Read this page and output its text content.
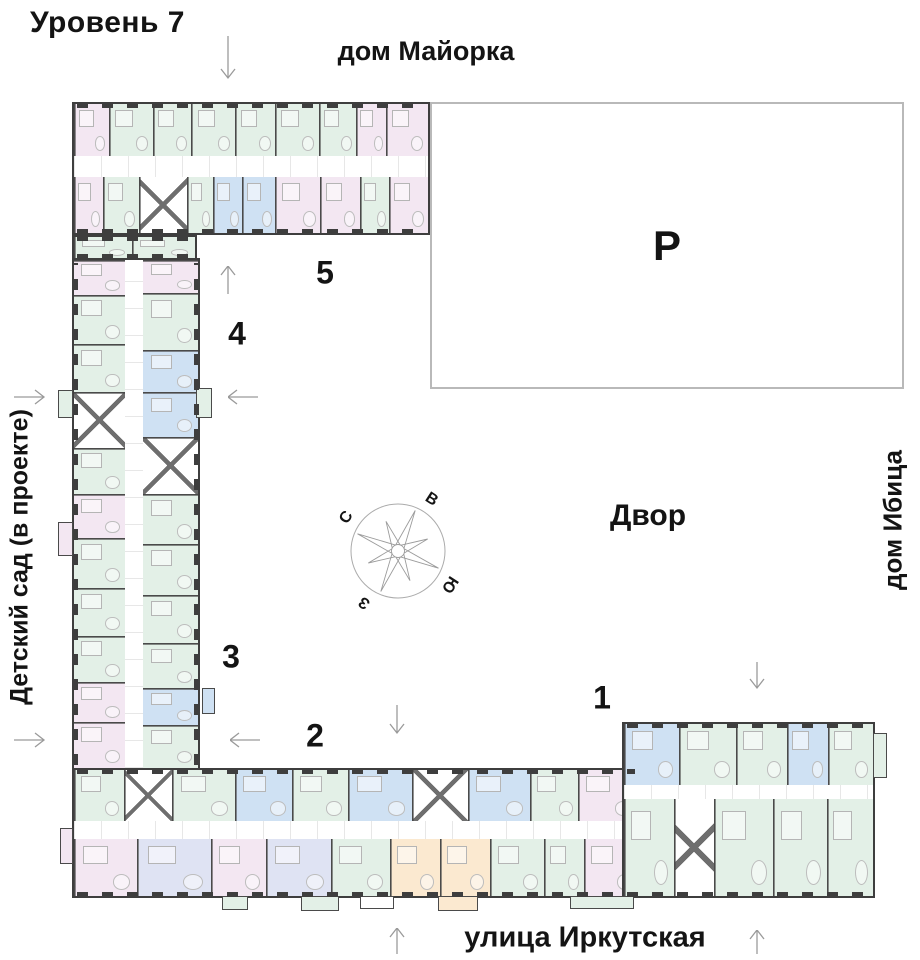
Уровень 7
дом Майорка
Двор
улица Иркутская
дом Ибица
Детский сад (в проекте)
Р
1
2
3
4
5
С
В
Ю
З
